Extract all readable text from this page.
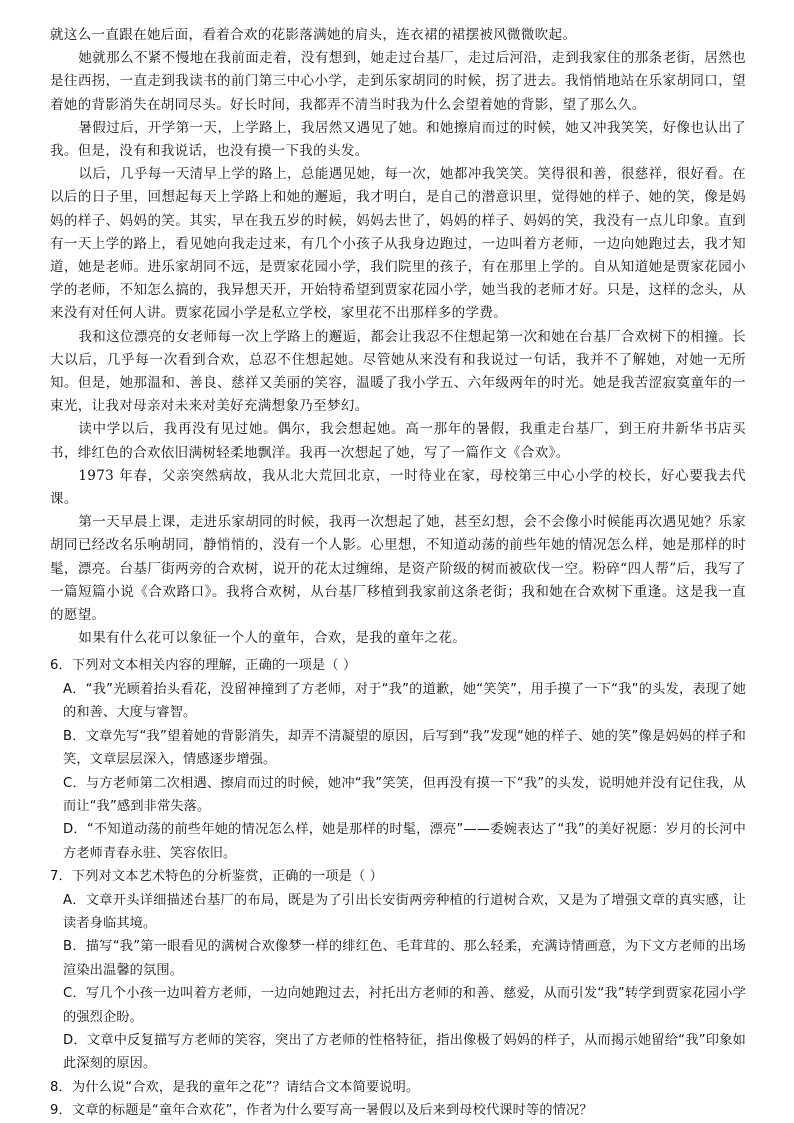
就这么一直跟在她后面，看着合欢的花影落满她的肩头，连衣裙的裙摆被风微微吹起。

她就那么不紧不慢地在我前面走着，没有想到，她走过台基厂，走过后河沿，走到我家住的那条老街，居然也是往西拐，一直走到我读书的前门第三中心小学，走到乐家胡同的时候，拐了进去。我悄悄地站在乐家胡同口，望着她的背影消失在胡同尽头。好长时间，我都弄不清当时我为什么会望着她的背影，望了那么久。

暑假过后，开学第一天，上学路上，我居然又遇见了她。和她擦肩而过的时候，她又冲我笑笑，好像也认出了我。但是，没有和我说话，也没有摸一下我的头发。

以后，几乎每一天清早上学的路上，总能遇见她，每一次，她都冲我笑笑。笑得很和善，很慈祥，很好看。在以后的日子里，回想起每天上学路上和她的邂逅，我才明白，是自己的潜意识里，觉得她的样子、她的笑，像是妈妈的样子、妈妈的笑。其实，早在我五岁的时候，妈妈去世了，妈妈的样子、妈妈的笑，我没有一点儿印象。直到有一天上学的路上，看见她向我走过来，有几个小孩子从我身边跑过，一边叫着方老师，一边向她跑过去，我才知道，她是老师。进乐家胡同不远，是贾家花园小学，我们院里的孩子，有在那里上学的。自从知道她是贾家花园小学的老师，不知怎么搞的，我异想天开，开始特希望到贾家花园小学，她当我的老师才好。只是，这样的念头，从来没有对任何人讲。贾家花园小学是私立学校，家里花不出那样多的学费。

我和这位漂亮的女老师每一次上学路上的邂逅，都会让我忍不住想起第一次和她在台基厂合欢树下的相撞。长大以后，几乎每一次看到合欢，总忍不住想起她。尽管她从来没有和我说过一句话，我并不了解她，对她一无所知。但是，她那温和、善良、慈祥又美丽的笑容，温暖了我小学五、六年级两年的时光。她是我苦涩寂寞童年的一束光，让我对母亲对未来对美好充满想象乃至梦幻。

读中学以后，我再没有见过她。偶尔，我会想起她。高一那年的暑假，我重走台基厂，到王府井新华书店买书，绯红色的合欢依旧满树轻柔地飘洋。我再一次想起了她，写了一篇作文《合欢》。

1973 年春，父亲突然病故，我从北大荒回北京，一时待业在家，母校第三中心小学的校长，好心要我去代课。

第一天早晨上课，走进乐家胡同的时候，我再一次想起了她，甚至幻想，会不会像小时候能再次遇见她？乐家胡同已经改名乐响胡同，静悄悄的，没有一个人影。心里想，不知道动荡的前些年她的情况怎么样，她是那样的时髦，漂亮。台基厂街两旁的合欢树，说开的花太过缠绵，是资产阶级的树而被砍伐一空。粉碎“四人帮”后，我写了一篇短篇小说《合欢路口》。我将合欢树，从台基厂移植到我家前这条老街；我和她在合欢树下重逢。这是我一直的愿望。

如果有什么花可以象征一个人的童年，合欢，是我的童年之花。

6．下列对文本相关内容的理解，正确的一项是（ ）

A．“我”光顾着抬头看花，没留神撞到了方老师，对于“我”的道歉，她“笑笑”，用手摸了一下“我”的头发，表现了她的和善、大度与睿智。

B．文章先写“我”望着她的背影消失，却弄不清凝望的原因，后写到“我”发现“她的样子、她的笑”像是妈妈的样子和笑，文章层层深入，情感逐步增强。

C．与方老师第二次相遇、擦肩而过的时候，她冲“我”笑笑，但再没有摸一下“我”的头发，说明她并没有记住我，从而让“我”感到非常失落。

D．“不知道动荡的前些年她的情况怎么样，她是那样的时髦，漂亮”——委婉表达了“我”的美好祝愿：岁月的长河中方老师青春永驻、笑容依旧。

7．下列对文本艺术特色的分析鉴赏，正确的一项是（ ）

A．文章开头详细描述台基厂的布局，既是为了引出长安街两旁种植的行道树合欢，又是为了增强文章的真实感，让读者身临其境。

B．描写“我”第一眼看见的满树合欢像梦一样的绯红色、毛茸茸的、那么轻柔，充满诗情画意，为下文方老师的出场渲染出温馨的氛围。

C．写几个小孩一边叫着方老师，一边向她跑过去，衬托出方老师的和善、慈爱，从而引发“我”转学到贾家花园小学的强烈企盼。

D．文章中反复描写方老师的笑容，突出了方老师的性格特征，指出像极了妈妈的样子，从而揭示她留给“我”印象如此深刻的原因。

8．为什么说“合欢，是我的童年之花”？请结合文本简要说明。

9．文章的标题是“童年合欢花”，作者为什么要写高一暑假以及后来到母校代课时等的情况？
